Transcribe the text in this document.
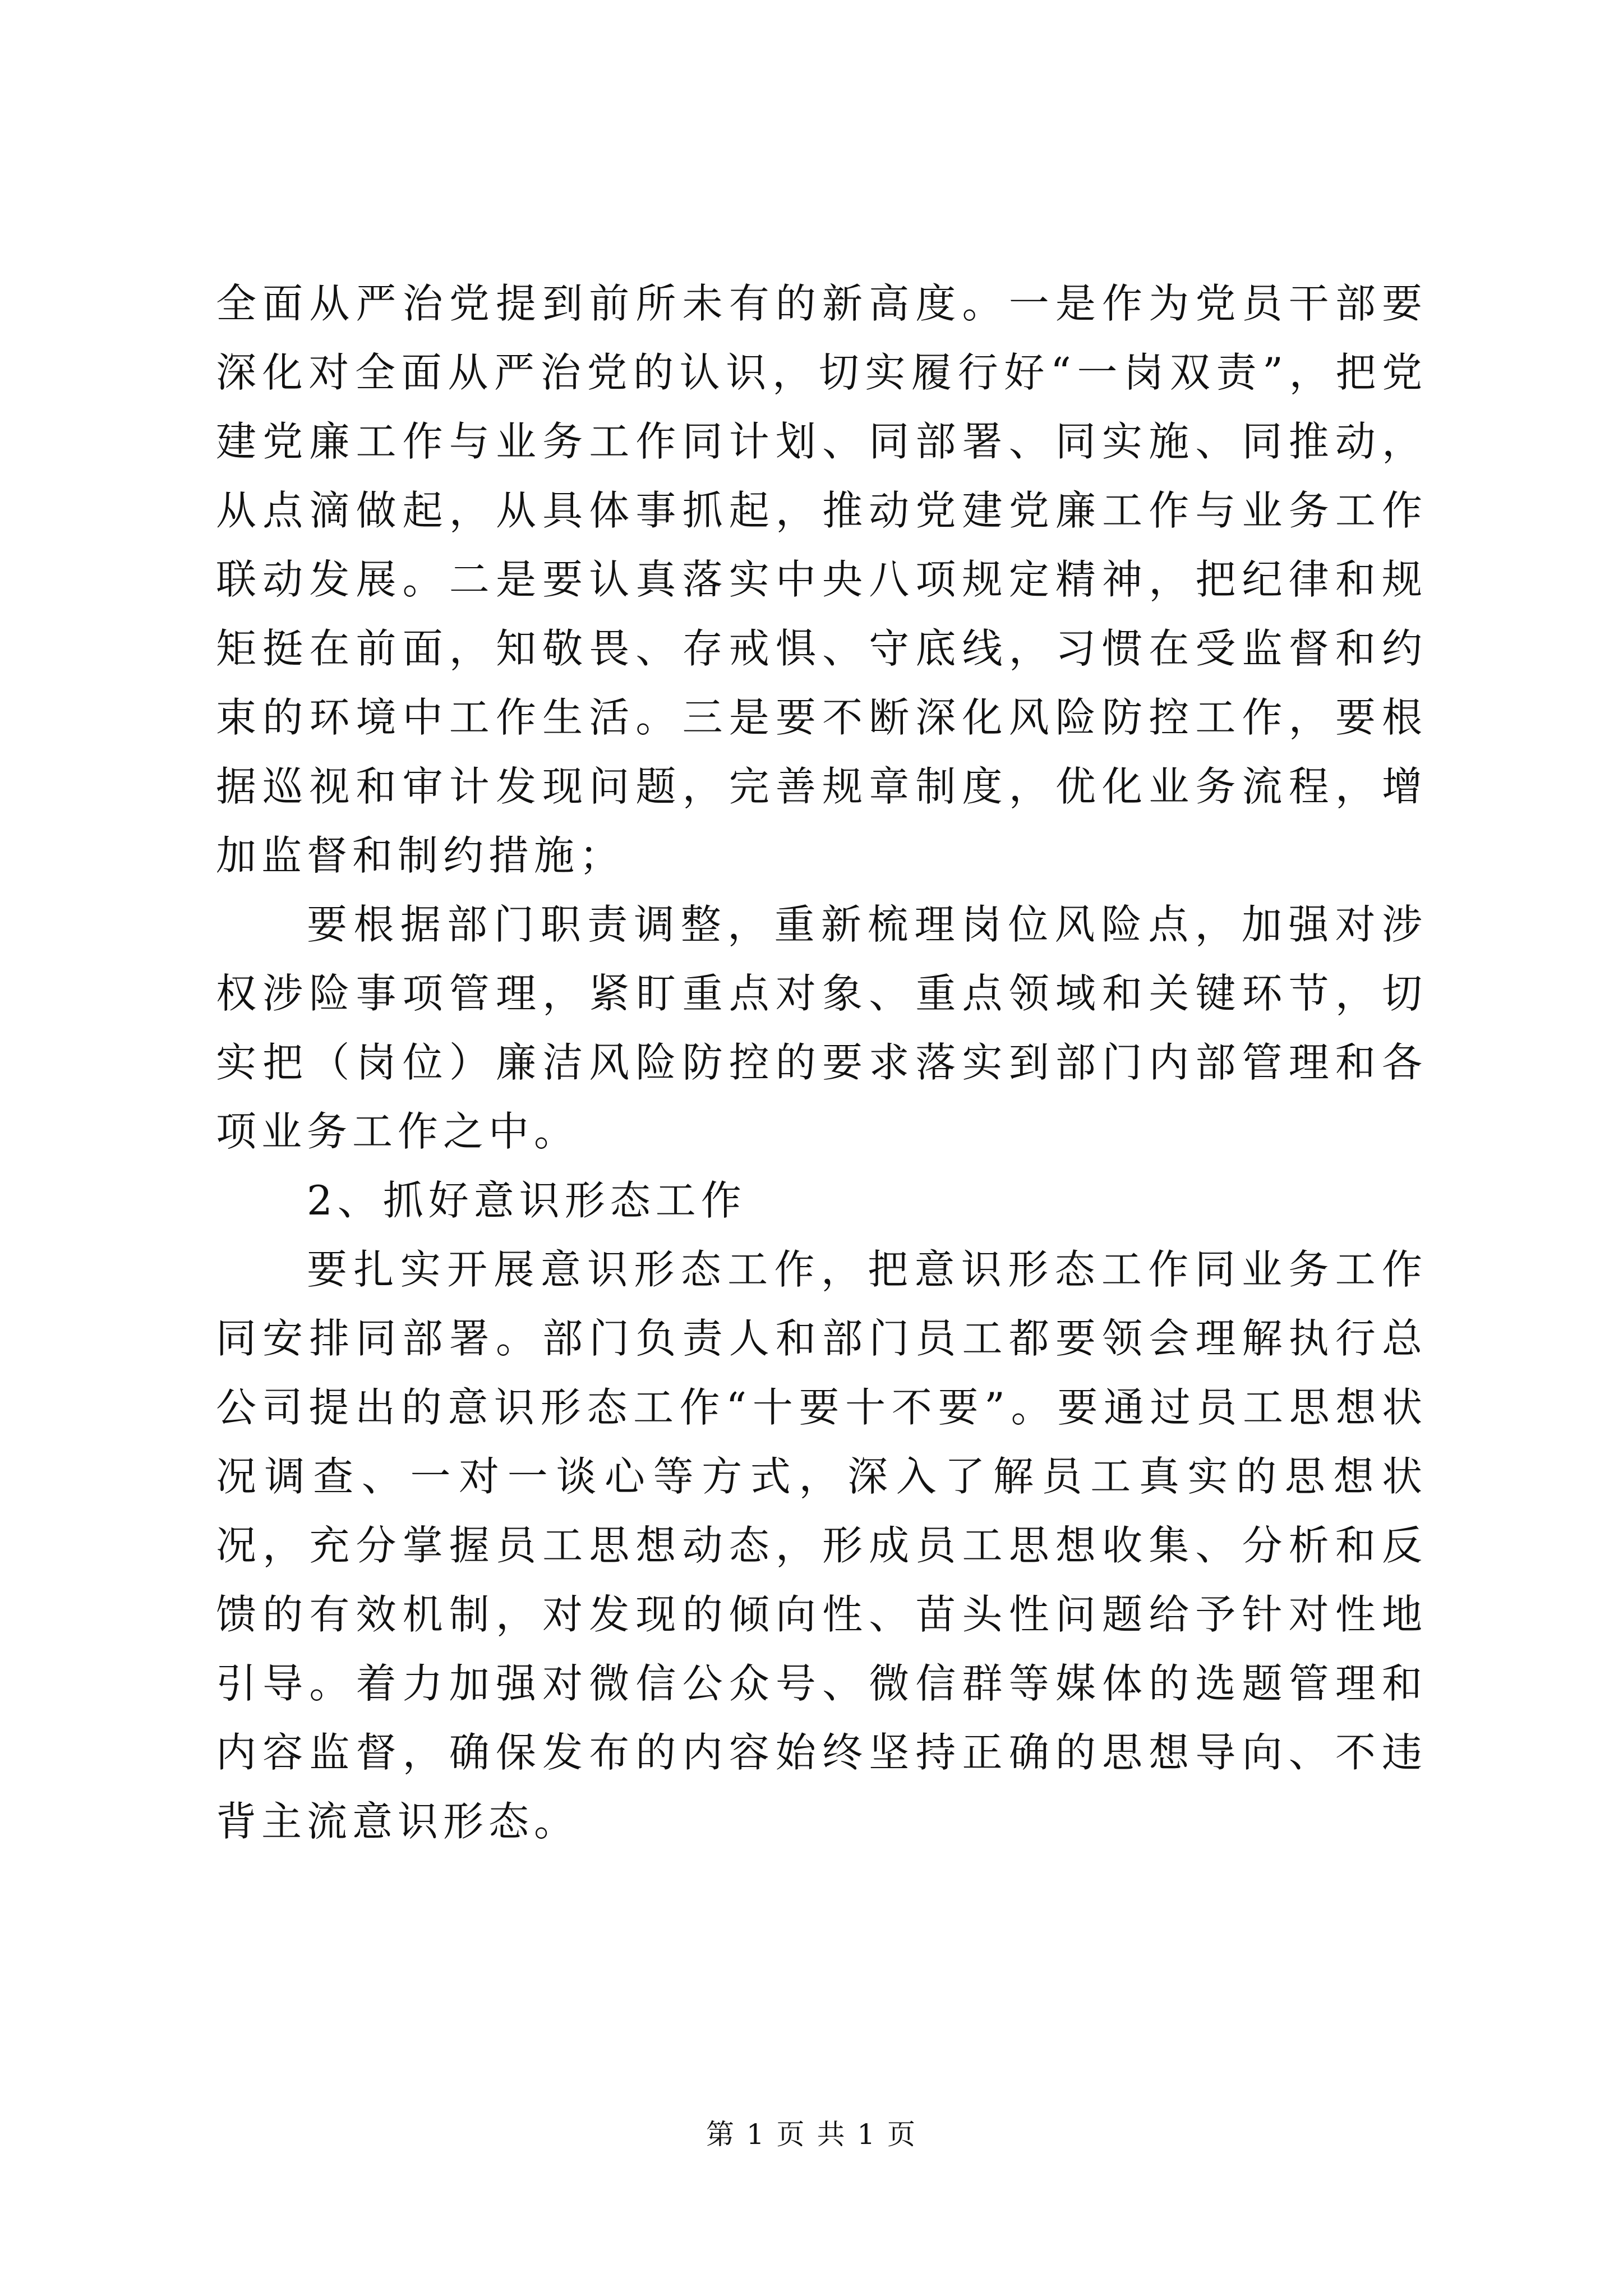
全面从严治党提到前所未有的新高度。一是作为党员干部要深化对全面从严治党的认识，切实履行好“一岗双责”，把党建党廉工作与业务工作同计划、同部署、同实施、同推动，从点滴做起，从具体事抓起，推动党建党廉工作与业务工作联动发展。二是要认真落实中央八项规定精神，把纪律和规矩挺在前面，知敬畏、存戒惧、守底线，习惯在受监督和约束的环境中工作生活。三是要不断深化风险防控工作，要根据巡视和审计发现问题，完善规章制度，优化业务流程，增加监督和制约措施；

要根据部门职责调整，重新梳理岗位风险点，加强对涉权涉险事项管理，紧盯重点对象、重点领域和关键环节，切实把（岗位）廉洁风险防控的要求落实到部门内部管理和各项业务工作之中。

2、抓好意识形态工作

要扎实开展意识形态工作，把意识形态工作同业务工作同安排同部署。部门负责人和部门员工都要领会理解执行总公司提出的意识形态工作“十要十不要”。要通过员工思想状况调查、一对一谈心等方式，深入了解员工真实的思想状况，充分掌握员工思想动态，形成员工思想收集、分析和反馈的有效机制，对发现的倾向性、苗头性问题给予针对性地引导。着力加强对微信公众号、微信群等媒体的选题管理和内容监督，确保发布的内容始终坚持正确的思想导向、不违背主流意识形态。

第 1 页 共 1 页
